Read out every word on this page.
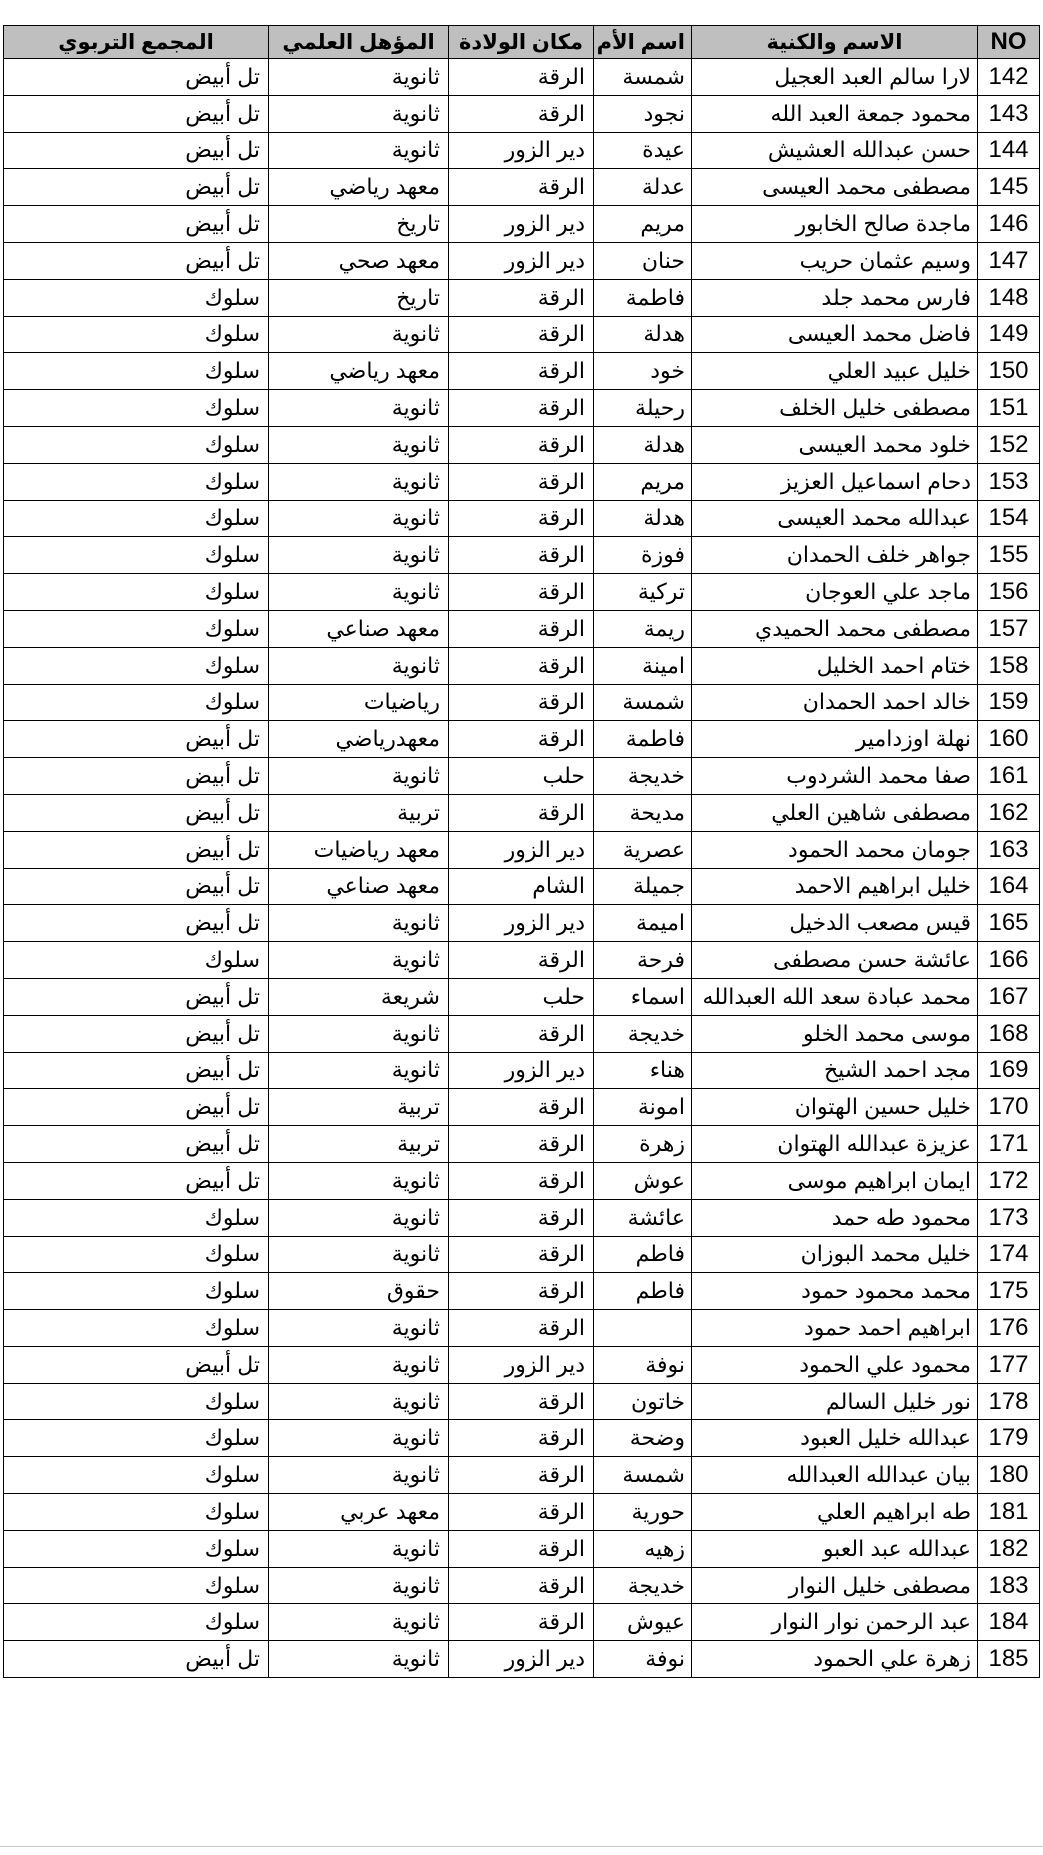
NO	الاسم والكنية	اسم الأم	مكان الولادة	المؤهل العلمي	المجمع التربوي
142	لارا سالم العبد العجيل	شمسة	الرقة	ثانوية	تل أبيض
143	محمود جمعة العبد الله	نجود	الرقة	ثانوية	تل أبيض
144	حسن عبدالله العشيش	عيدة	دير الزور	ثانوية	تل أبيض
145	مصطفى محمد العيسى	عدلة	الرقة	معهد رياضي	تل أبيض
146	ماجدة صالح الخابور	مريم	دير الزور	تاريخ	تل أبيض
147	وسيم عثمان حريب	حنان	دير الزور	معهد صحي	تل أبيض
148	فارس محمد جلد	فاطمة	الرقة	تاريخ	سلوك
149	فاضل محمد العيسى	هدلة	الرقة	ثانوية	سلوك
150	خليل عبيد العلي	خود	الرقة	معهد رياضي	سلوك
151	مصطفى خليل الخلف	رحيلة	الرقة	ثانوية	سلوك
152	خلود محمد العيسى	هدلة	الرقة	ثانوية	سلوك
153	دحام اسماعيل العزيز	مريم	الرقة	ثانوية	سلوك
154	عبدالله محمد العيسى	هدلة	الرقة	ثانوية	سلوك
155	جواهر خلف الحمدان	فوزة	الرقة	ثانوية	سلوك
156	ماجد علي العوجان	تركية	الرقة	ثانوية	سلوك
157	مصطفى محمد الحميدي	ريمة	الرقة	معهد صناعي	سلوك
158	ختام احمد الخليل	امينة	الرقة	ثانوية	سلوك
159	خالد احمد الحمدان	شمسة	الرقة	رياضيات	سلوك
160	نهلة اوزدامير	فاطمة	الرقة	معهدرياضي	تل أبيض
161	صفا محمد الشردوب	خديجة	حلب	ثانوية	تل أبيض
162	مصطفى شاهين العلي	مديحة	الرقة	تربية	تل أبيض
163	جومان محمد الحمود	عصرية	دير الزور	معهد رياضيات	تل أبيض
164	خليل ابراهيم الاحمد	جميلة	الشام	معهد صناعي	تل أبيض
165	قيس مصعب الدخيل	اميمة	دير الزور	ثانوية	تل أبيض
166	عائشة حسن مصطفى	فرحة	الرقة	ثانوية	سلوك
167	محمد عبادة سعد الله العبدالله	اسماء	حلب	شريعة	تل أبيض
168	موسى محمد الخلو	خديجة	الرقة	ثانوية	تل أبيض
169	مجد احمد الشيخ	هناء	دير الزور	ثانوية	تل أبيض
170	خليل حسين الهتوان	امونة	الرقة	تربية	تل أبيض
171	عزيزة عبدالله الهتوان	زهرة	الرقة	تربية	تل أبيض
172	ايمان ابراهيم موسى	عوش	الرقة	ثانوية	تل أبيض
173	محمود طه حمد	عائشة	الرقة	ثانوية	سلوك
174	خليل محمد البوزان	فاطم	الرقة	ثانوية	سلوك
175	محمد محمود حمود	فاطم	الرقة	حقوق	سلوك
176	ابراهيم احمد حمود		الرقة	ثانوية	سلوك
177	محمود علي الحمود	نوفة	دير الزور	ثانوية	تل أبيض
178	نور خليل السالم	خاتون	الرقة	ثانوية	سلوك
179	عبدالله خليل العبود	وضحة	الرقة	ثانوية	سلوك
180	بيان عبدالله العبدالله	شمسة	الرقة	ثانوية	سلوك
181	طه ابراهيم العلي	حورية	الرقة	معهد عربي	سلوك
182	عبدالله عبد العبو	زهيه	الرقة	ثانوية	سلوك
183	مصطفى خليل النوار	خديجة	الرقة	ثانوية	سلوك
184	عبد الرحمن نوار النوار	عيوش	الرقة	ثانوية	سلوك
185	زهرة علي الحمود	نوفة	دير الزور	ثانوية	تل أبيض
